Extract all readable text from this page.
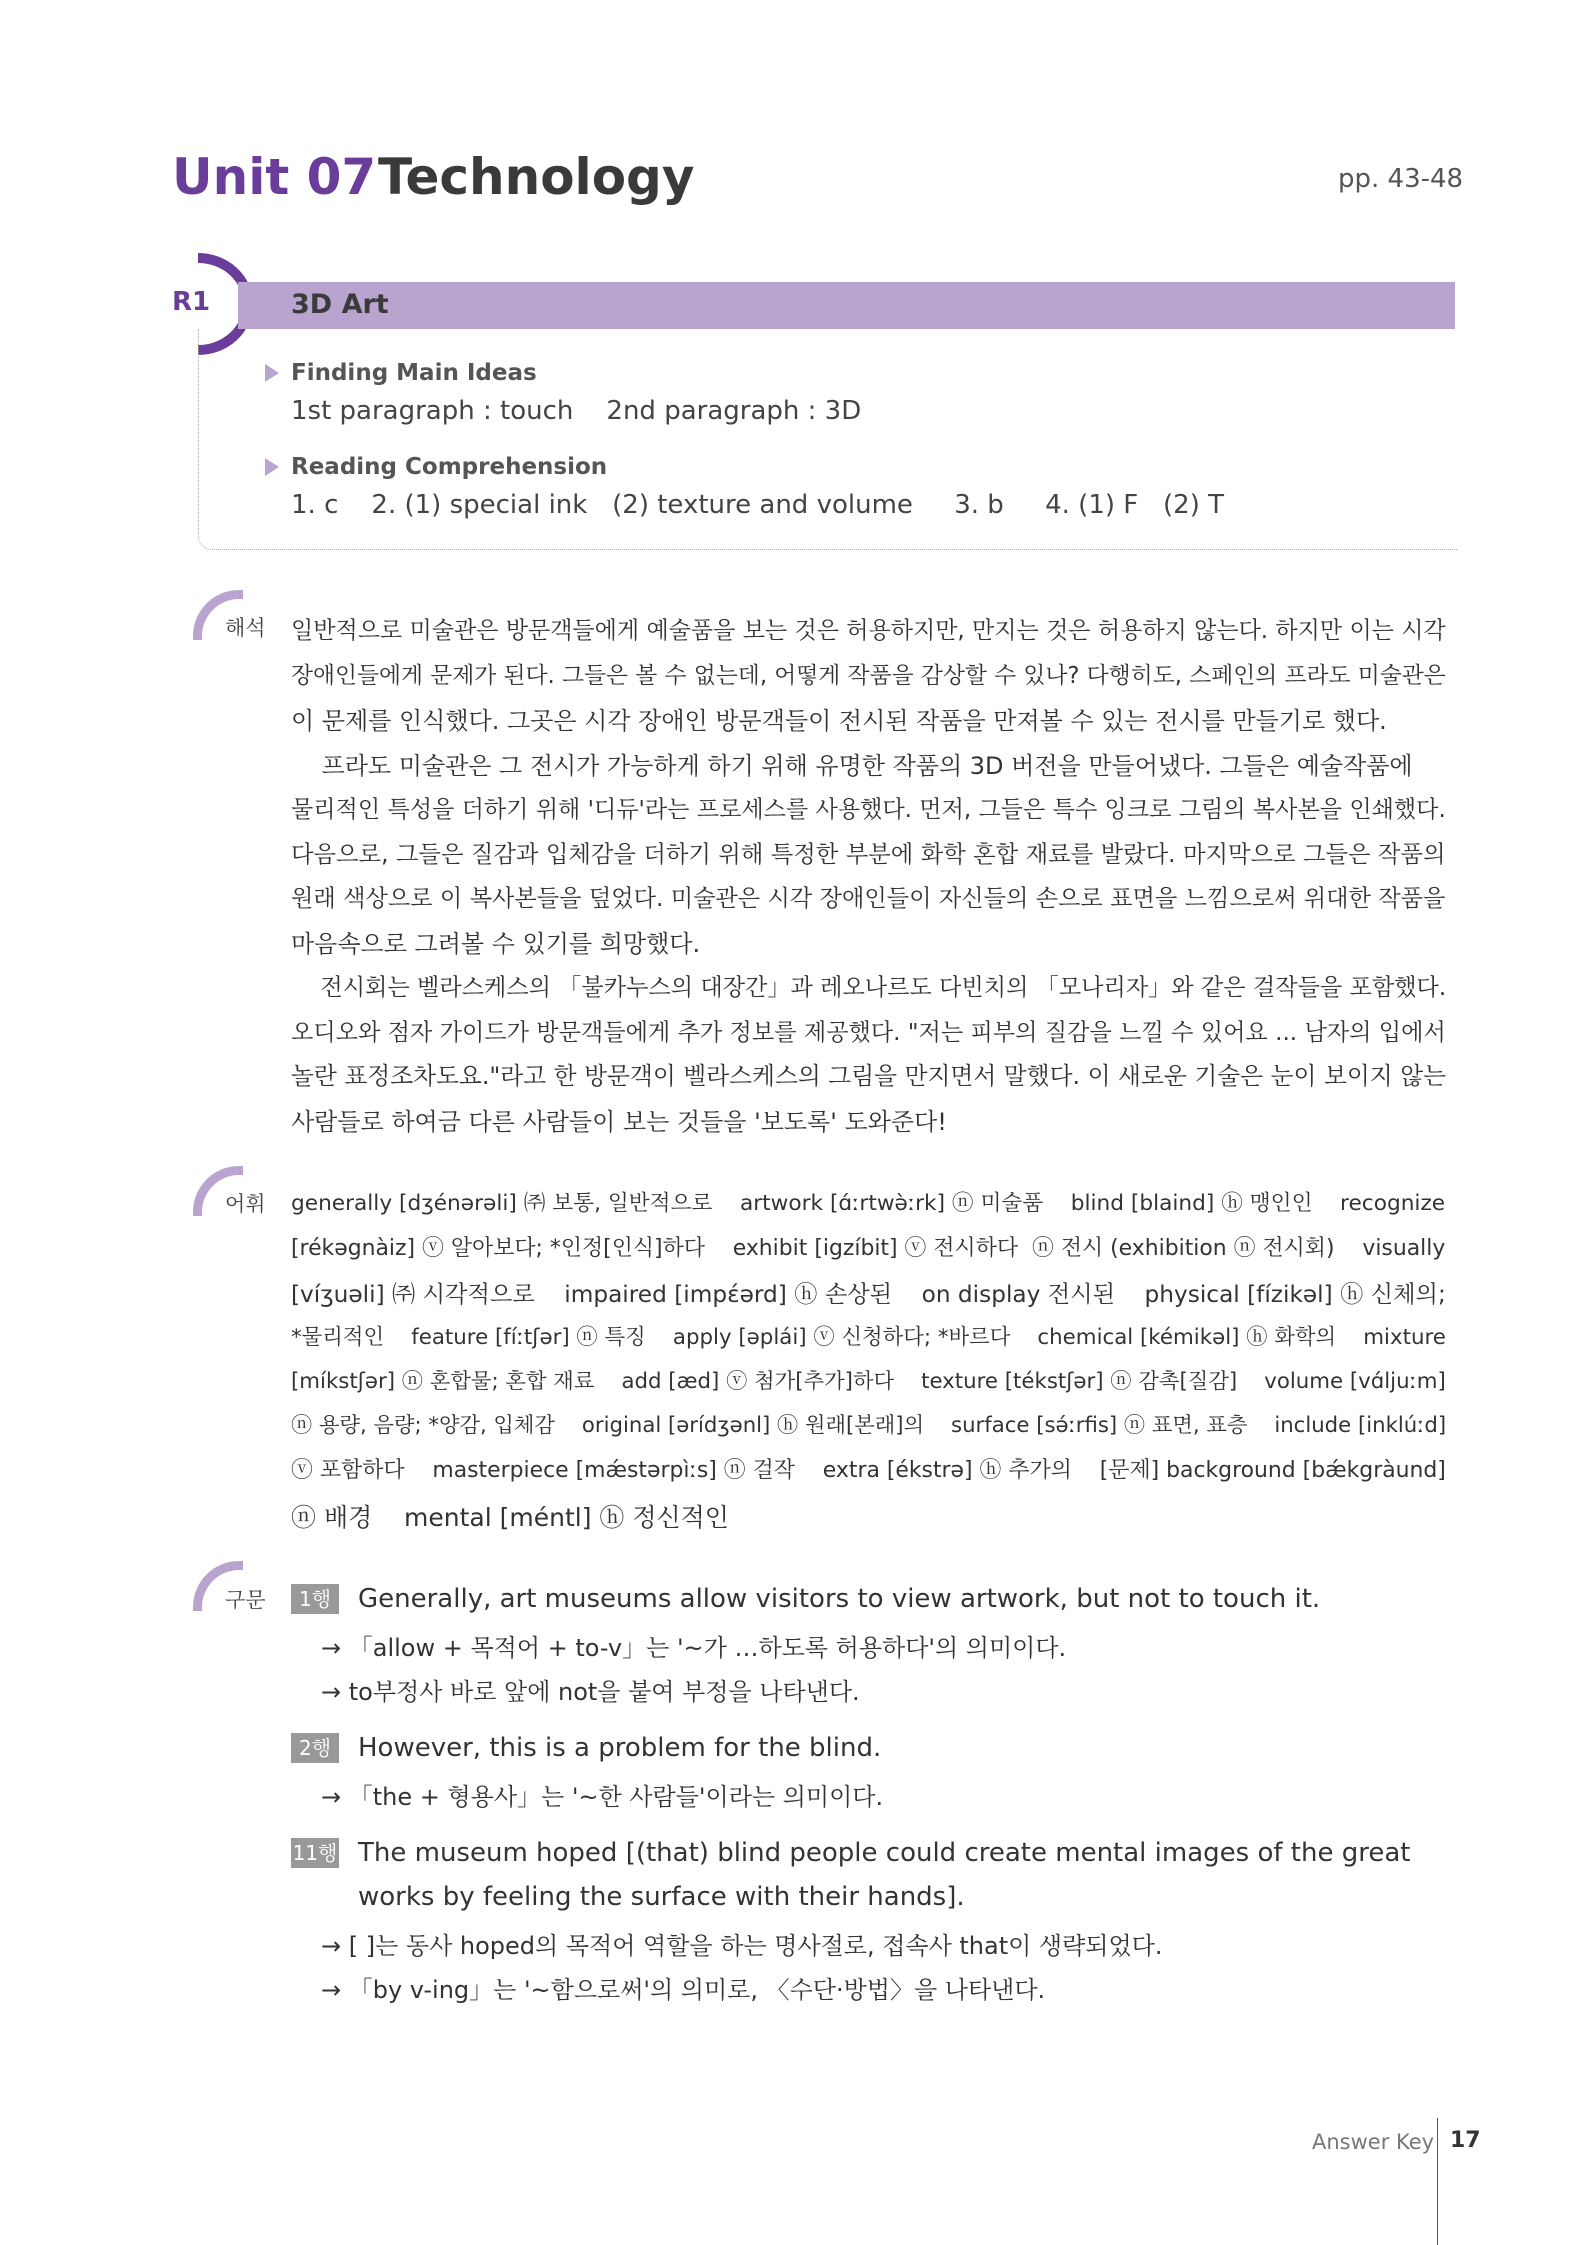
Unit 07 Technology	pp. 43-48
R1	3D Art
Finding Main Ideas
1st paragraph : touch    2nd paragraph : 3D
Reading Comprehension
1. c    2. (1) special ink   (2) texture and volume     3. b     4. (1) F   (2) T
해석 일반적으로 미술관은 방문객들에게 예술품을 보는 것은 허용하지만, 만지는 것은 허용하지 않는다. 하지만 이는 시각
장애인들에게 문제가 된다. 그들은 볼 수 없는데, 어떻게 작품을 감상할 수 있나? 다행히도, 스페인의 프라도 미술관은
이 문제를 인식했다. 그곳은 시각 장애인 방문객들이 전시된 작품을 만져볼 수 있는 전시를 만들기로 했다.
프라도 미술관은 그 전시가 가능하게 하기 위해 유명한 작품의 3D 버전을 만들어냈다. 그들은 예술작품에
물리적인 특성을 더하기 위해 '디듀'라는 프로세스를 사용했다. 먼저, 그들은 특수 잉크로 그림의 복사본을 인쇄했다.
다음으로, 그들은 질감과 입체감을 더하기 위해 특정한 부분에 화학 혼합 재료를 발랐다. 마지막으로 그들은 작품의
원래 색상으로 이 복사본들을 덮었다. 미술관은 시각 장애인들이 자신들의 손으로 표면을 느낌으로써 위대한 작품을
마음속으로 그려볼 수 있기를 희망했다.
전시회는 벨라스케스의 「불카누스의 대장간」과 레오나르도 다빈치의 「모나리자」와 같은 걸작들을 포함했다.
오디오와 점자 가이드가 방문객들에게 추가 정보를 제공했다. "저는 피부의 질감을 느낄 수 있어요 ... 남자의 입에서
놀란 표정조차도요."라고 한 방문객이 벨라스케스의 그림을 만지면서 말했다. 이 새로운 기술은 눈이 보이지 않는
사람들로 하여금 다른 사람들이 보는 것들을 '보도록' 도와준다!
어휘 generally [dʒénərəli] ㈜ 보통, 일반적으로    artwork [ɑ́ːrtwə̀ːrk] ⓝ 미술품    blind [blaind] ⓗ 맹인인    recognize
[rékəgnàiz] ⓥ 알아보다; *인정[인식]하다    exhibit [igzíbit] ⓥ 전시하다  ⓝ 전시 (exhibition ⓝ 전시회)    visually
[víʒuəli] ㈜ 시각적으로    impaired [impɛ́ərd] ⓗ 손상된    on display 전시된    physical [fízikəl] ⓗ 신체의;
*물리적인    feature [fíːtʃər] ⓝ 특징    apply [əplái] ⓥ 신청하다; *바르다    chemical [kémikəl] ⓗ 화학의    mixture
[míkstʃər] ⓝ 혼합물; 혼합 재료    add [æd] ⓥ 첨가[추가]하다    texture [tékstʃər] ⓝ 감촉[질감]    volume [vɑ́ljuːm]
ⓝ 용량, 음량; *양감, 입체감    original [ərídʒənl] ⓗ 원래[본래]의    surface [sə́ːrfis] ⓝ 표면, 표층    include [inklúːd]
ⓥ 포함하다    masterpiece [mǽstərpìːs] ⓝ 걸작    extra [ékstrə] ⓗ 추가의    [문제] background [bǽkgràund]
ⓝ 배경    mental [méntl] ⓗ 정신적인
구문	1행	Generally, art museums allow visitors to view artwork, but not to touch it.
→ 「allow + 목적어 + to-v」는 '~가 …하도록 허용하다'의 의미이다.
→ to부정사 바로 앞에 not을 붙여 부정을 나타낸다.
2행	However, this is a problem for the blind.
→ 「the + 형용사」는 '~한 사람들'이라는 의미이다.
11행 The museum hoped [(that) blind people could create mental images of the great
works by feeling the surface with their hands].
→ [ ]는 동사 hoped의 목적어 역할을 하는 명사절로, 접속사 that이 생략되었다.
→ 「by v-ing」는 '~함으로써'의 의미로, 〈수단·방법〉을 나타낸다.
Answer Key 17
